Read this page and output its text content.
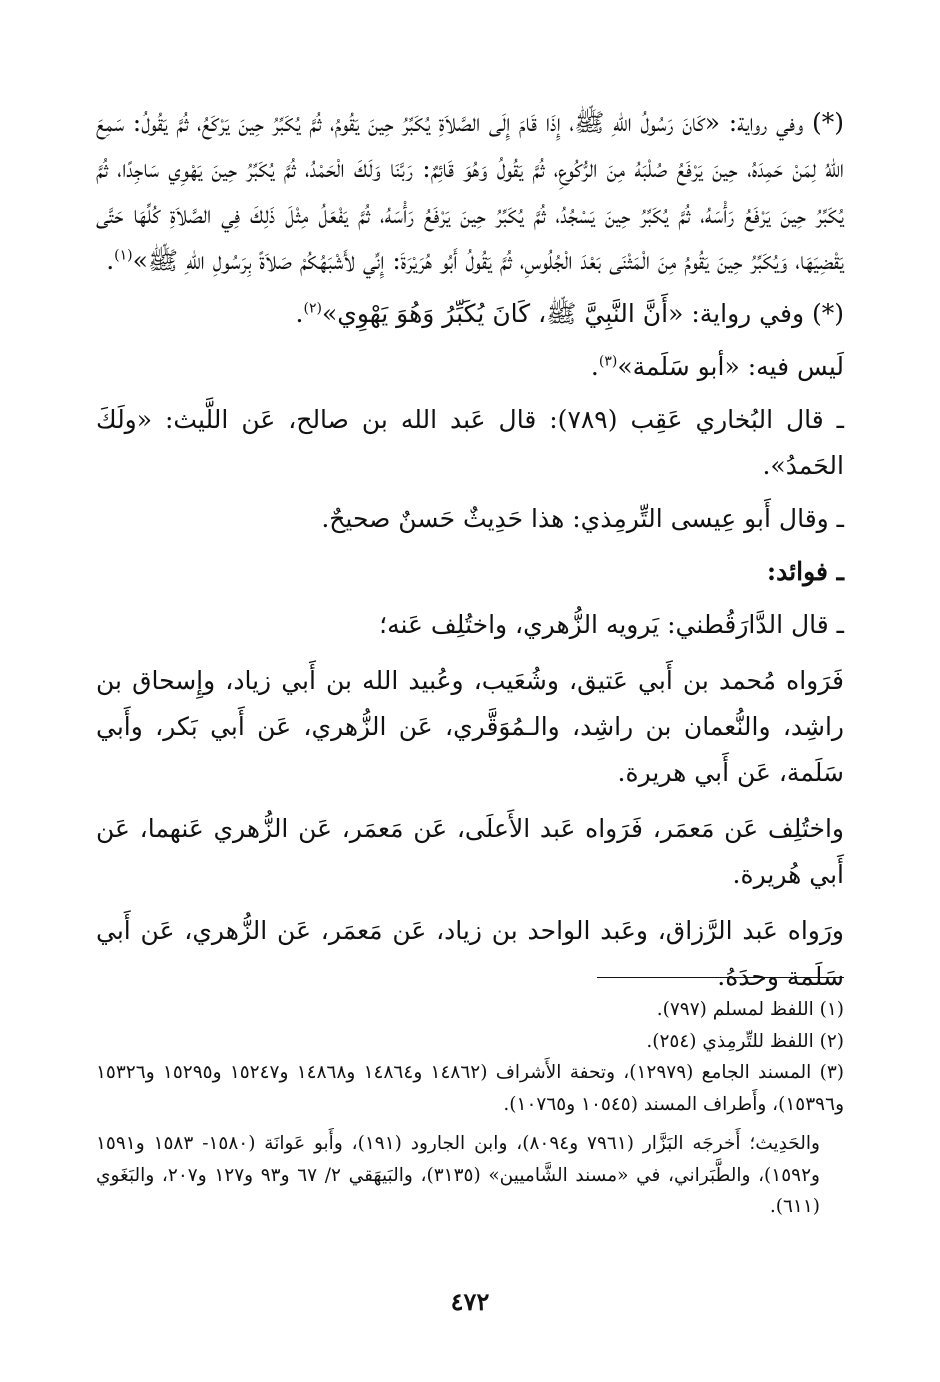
(*) وفي رواية: «كَانَ رَسُولُ اللهِ ﷺ، إِذَا قَامَ إِلَى الصَّلاَةِ يُكَبِّرُ حِينَ يَقُومُ، ثُمَّ يُكَبِّرُ حِينَ يَرْكَعُ، ثُمَّ يَقُولُ: سَمِعَ اللهُ لِمَنْ حَمِدَهُ، حِينَ يَرْفَعُ صُلْبَهُ مِنَ الرُّكُوعِ، ثُمَّ يَقُولُ وَهُوَ قَائِمٌ: رَبَّنَا وَلَكَ الْحَمْدُ، ثُمَّ يُكَبِّرُ حِينَ يَهْوِي سَاجِدًا، ثُمَّ يُكَبِّرُ حِينَ يَرْفَعُ رَأْسَهُ، ثُمَّ يُكَبِّرُ حِينَ يَسْجُدُ، ثُمَّ يُكَبِّرُ حِينَ يَرْفَعُ رَأْسَهُ، ثُمَّ يَفْعَلُ مِثْلَ ذَلِكَ فِي الصَّلاَةِ كُلِّهَا حَتَّى يَقْضِيَهَا، وَيُكَبِّرُ حِينَ يَقُومُ مِنَ الْمَثْنَى بَعْدَ الْجُلُوسِ، ثُمَّ يَقُولُ أَبُو هُرَيْرَةَ: إِنِّي لأَشْبَهُكُمْ صَلاَةً بِرَسُولِ اللهِ ﷺ»$^{(١)}$.

(*) وفي رواية: «أَنَّ النَّبِيَّ ﷺ، كَانَ يُكَبِّرُ وَهُوَ يَهْوِي»$^{(٢)}$.

لَيس فيه: «أبو سَلَمة»$^{(٣)}$.

ـ قال البُخاري عَقِب (٧٨٩): قال عَبد الله بن صالح، عَن اللَّيث: «ولَكَ الحَمدُ».

ـ وقال أَبو عِيسى التِّرمِذي: هذا حَدِيثٌ حَسنٌ صحيحٌ.

ـ فوائد:

ـ قال الدَّارَقُطني: يَرويه الزُّهري، واختُلِف عَنه؛

فَرَواه مُحمد بن أَبي عَتيق، وشُعَيب، وعُبيد الله بن أَبي زياد، وإِسحاق بن راشِد، والنُّعمان بن راشِد، والـمُوَقَّري، عَن الزُّهري، عَن أَبي بَكر، وأَبي سَلَمة، عَن أَبي هريرة.

واختُلِف عَن مَعمَر، فَرَواه عَبد الأَعلَى، عَن مَعمَر، عَن الزُّهري عَنهما، عَن أَبي هُريرة.

ورَواه عَبد الرَّزاق، وعَبد الواحد بن زياد، عَن مَعمَر، عَن الزُّهري، عَن أَبي سَلَمة وحدَهُ.

(١) اللفظ لمسلم (٧٩٧).

(٢) اللفظ للتِّرمِذي (٢٥٤).

(٣) المسند الجامع (١٢٩٧٩)، وتحفة الأَشراف (١٤٨٦٢ و١٤٨٦٤ و١٤٨٦٨ و١٥٢٤٧ و١٥٢٩٥ و١٥٣٢٦ و١٥٣٩٦)، وأَطراف المسند (١٠٥٤٥ و١٠٧٦٥).

والحَدِيث؛ أَخرجَه البَزَّار (٧٩٦١ و٨٠٩٤)، وابن الجارود (١٩١)، وأَبو عَوانَة (١٥٨٠- ١٥٨٣ و١٥٩١ و١٥٩٢)، والطَّبَراني، في «مسند الشَّاميين» (٣١٣٥)، والبَيهَقي ٢/ ٦٧ و٩٣ و١٢٧ و٢٠٧، والبَغَوي (٦١١).

٤٧٢
